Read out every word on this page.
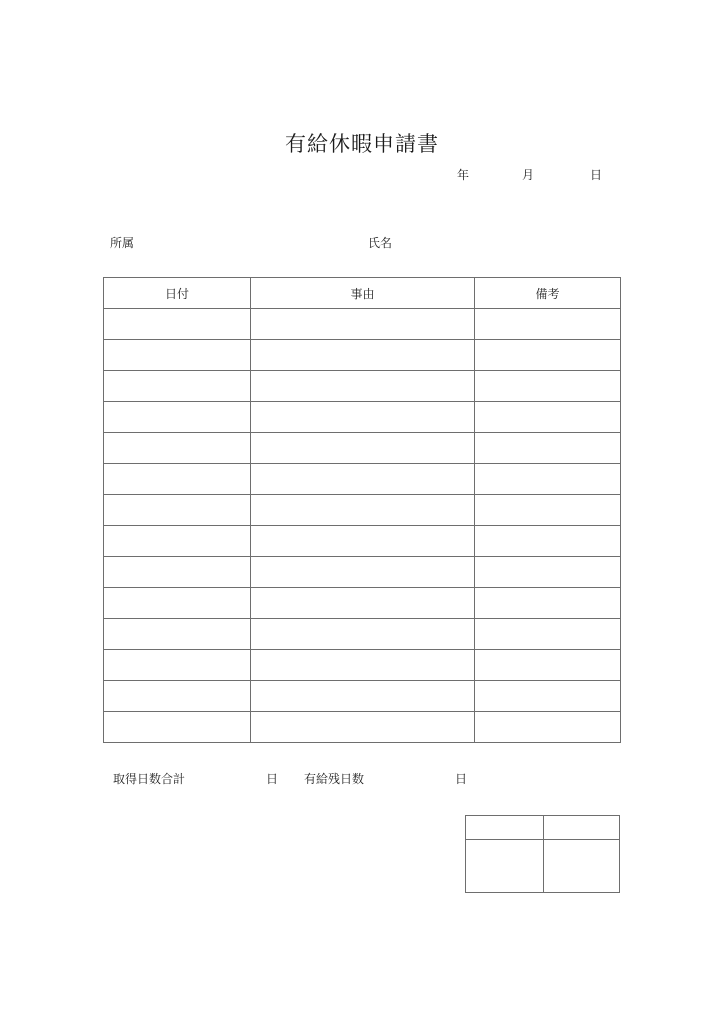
有給休暇申請書
年	月	日
所属	氏名
日付	事由	備考

取得日数合計	日 有給残日数	日
